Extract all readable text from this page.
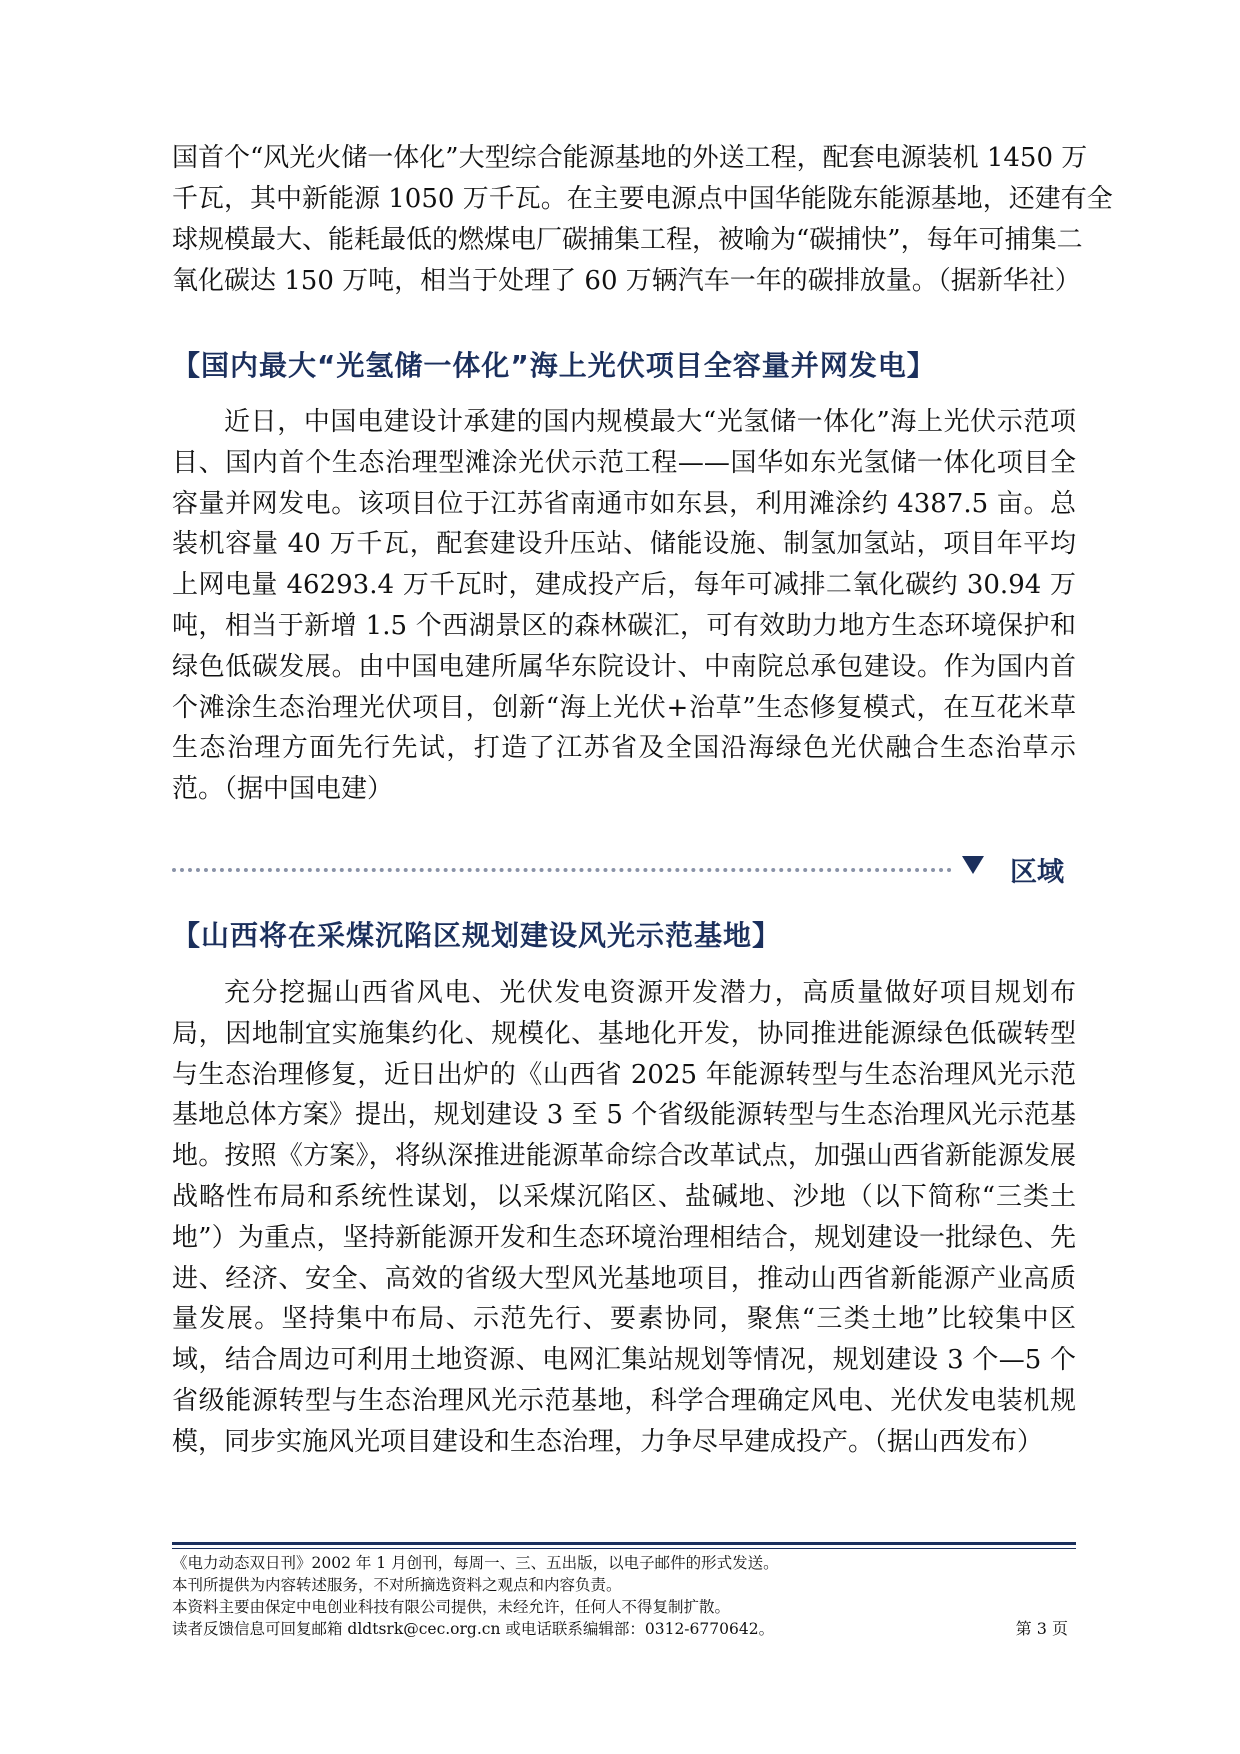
国首个“风光火储一体化”大型综合能源基地的外送工程，配套电源装机 1450 万
千瓦，其中新能源 1050 万千瓦。在主要电源点中国华能陇东能源基地，还建有全
球规模最大、能耗最低的燃煤电厂碳捕集工程，被喻为“碳捕快”，每年可捕集二
氧化碳达 150 万吨，相当于处理了 60 万辆汽车一年的碳排放量。（据新华社）
【国内最大“光氢储一体化”海上光伏项目全容量并网发电】

近日，中国电建设计承建的国内规模最大“光氢储一体化”海上光伏示范项目、国内首个生态治理型滩涂光伏示范工程——国华如东光氢储一体化项目全容量并网发电。该项目位于江苏省南通市如东县，利用滩涂约 4387.5 亩。总装机容量 40 万千瓦，配套建设升压站、储能设施、制氢加氢站，项目年平均上网电量 46293.4 万千瓦时，建成投产后，每年可减排二氧化碳约 30.94 万吨，相当于新增 1.5 个西湖景区的森林碳汇，可有效助力地方生态环境保护和绿色低碳发展。由中国电建所属华东院设计、中南院总承包建设。作为国内首个滩涂生态治理光伏项目，创新“海上光伏+治草”生态修复模式，在互花米草生态治理方面先行先试，打造了江苏省及全国沿海绿色光伏融合生态治草示范。（据中国电建）

区域
【山西将在采煤沉陷区规划建设风光示范基地】

充分挖掘山西省风电、光伏发电资源开发潜力，高质量做好项目规划布局，因地制宜实施集约化、规模化、基地化开发，协同推进能源绿色低碳转型与生态治理修复，近日出炉的《山西省 2025 年能源转型与生态治理风光示范基地总体方案》提出，规划建设 3 至 5 个省级能源转型与生态治理风光示范基地。按照《方案》，将纵深推进能源革命综合改革试点，加强山西省新能源发展战略性布局和系统性谋划，以采煤沉陷区、盐碱地、沙地（以下简称“三类土地”）为重点，坚持新能源开发和生态环境治理相结合，规划建设一批绿色、先进、经济、安全、高效的省级大型风光基地项目，推动山西省新能源产业高质量发展。坚持集中布局、示范先行、要素协同，聚焦“三类土地”比较集中区域，结合周边可利用土地资源、电网汇集站规划等情况，规划建设 3 个—5 个省级能源转型与生态治理风光示范基地，科学合理确定风电、光伏发电装机规模，同步实施风光项目建设和生态治理，力争尽早建成投产。（据山西发布）

《电力动态双日刊》2002 年 1 月创刊，每周一、三、五出版，以电子邮件的形式发送。
本刊所提供为内容转述服务，不对所摘选资料之观点和内容负责。
本资料主要由保定中电创业科技有限公司提供，未经允许，任何人不得复制扩散。
读者反馈信息可回复邮箱 dldtsrk@cec.org.cn 或电话联系编辑部：0312-6770642。	第 3 页
